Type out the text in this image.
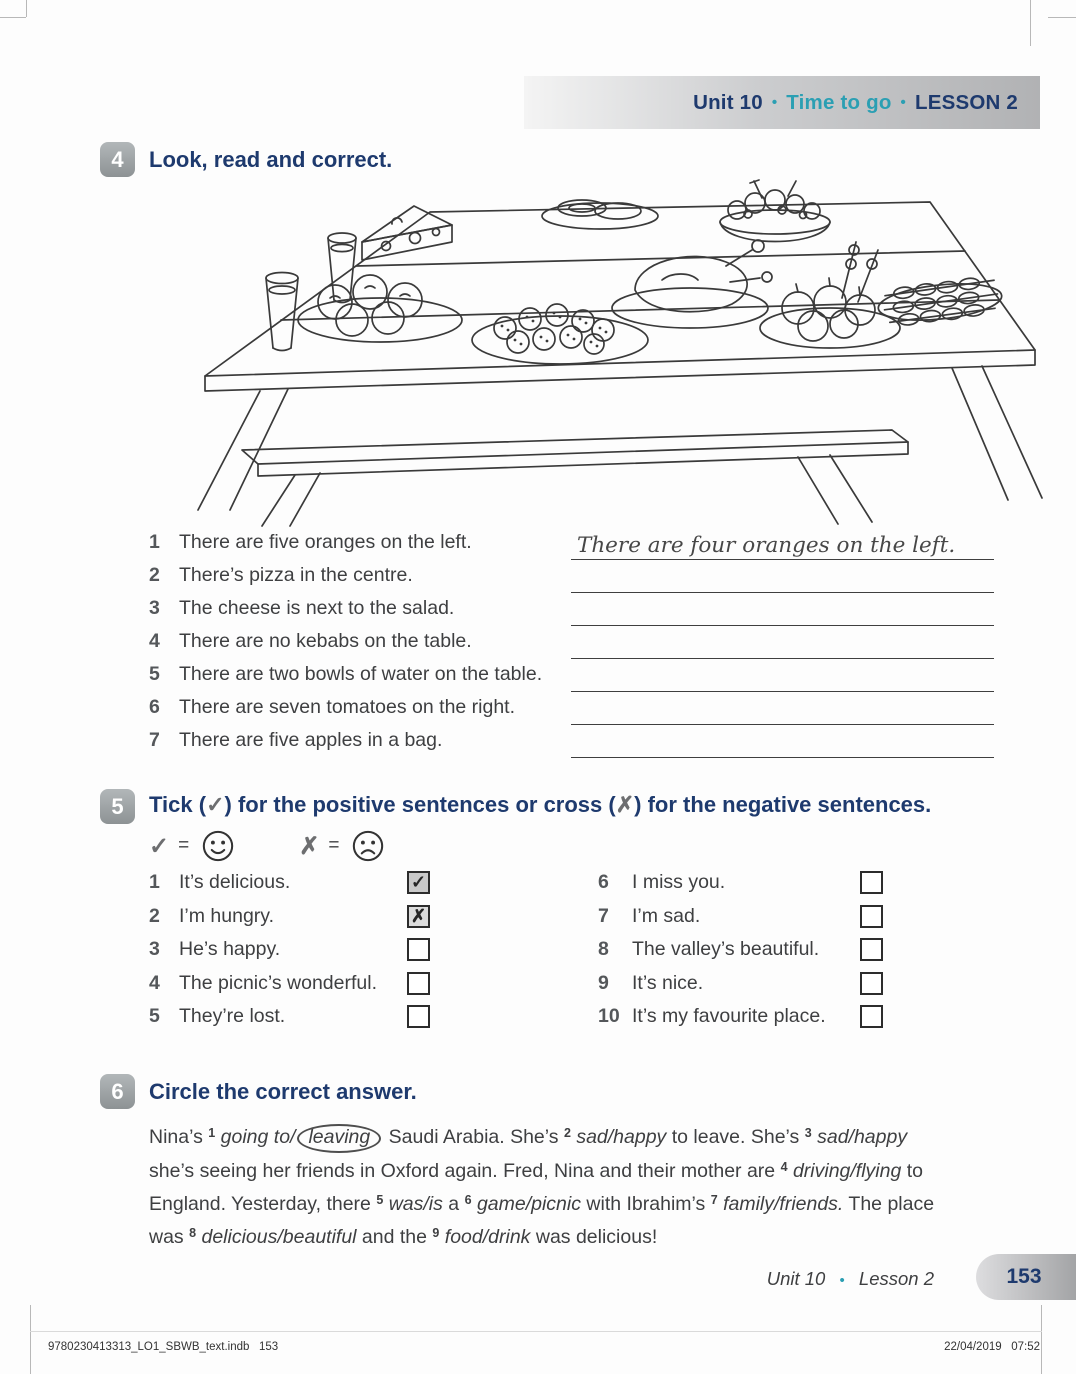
Unit 10 • Time to go • LESSON 2
4	Look, read and correct.
1 There are five oranges on the left.	There are four oranges on the left.
2 There’s pizza in the centre.
3 The cheese is next to the salad.
4 There are no kebabs on the table.
5 There are two bowls of water on the table.
6 There are seven tomatoes on the right.
7 There are five apples in a bag.
5	Tick (✓) for the positive sentences or cross (✗) for the negative sentences.
✓ =	✗ =
1 It’s delicious.	✓
2 I’m hungry.	✗
3 He’s happy.
4 The picnic’s wonderful.
5 They’re lost.
6	I miss you.
7	I’m sad.
8	The valley’s beautiful.
9	It’s nice.
10 It’s my favourite place.
6	Circle the correct answer.
Nina’s $^1$ going to/ leaving Saudi Arabia. She’s $^2$ sad/happy to leave. She’s $^3$ sad/happy she’s seeing her friends in Oxford again. Fred, Nina and their mother are $^4$ driving/flying to England. Yesterday, there $^5$ was/is a $^6$ game/picnic with Ibrahim’s $^7$ family/friends. The place was $^8$ delicious/beautiful and the $^9$ food/drink was delicious!
Unit 10 • Lesson 2	153
9780230413313_LO1_SBWB_text.indb   153	22/04/2019   07:52
